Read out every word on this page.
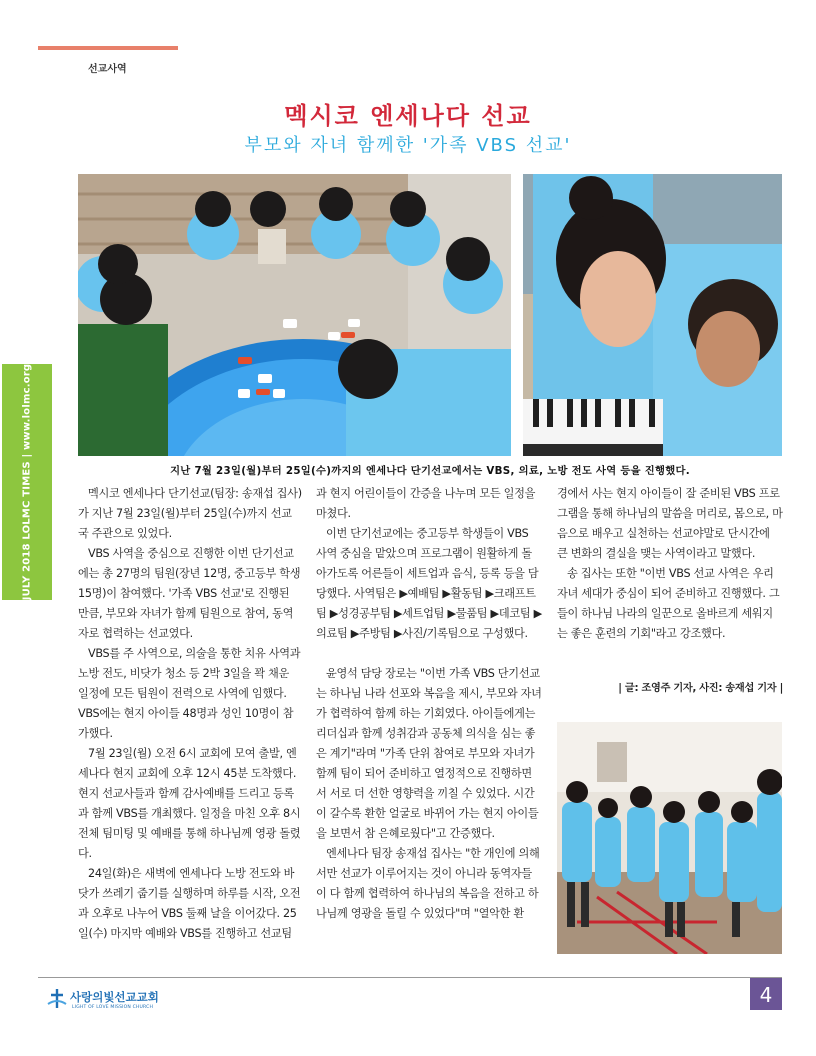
선교사역
JULY 2018 LOLMC TIMES | www.lolmc.org
멕시코 엔세나다 선교
부모와 자녀 함께한 '가족 VBS 선교'
지난 7월 23일(월)부터 25일(수)까지의 엔세나다 단기선교에서는 VBS, 의료, 노방 전도 사역 등을 진행했다.

멕시코 엔세나다 단기선교(팀장: 송재섭 집사)가 지난 7월 23일(월)부터 25일(수)까지 선교국 주관으로 있었다.

VBS 사역을 중심으로 진행한 이번 단기선교에는 총 27명의 팀원(장년 12명, 중고등부 학생 15명)이 참여했다. '가족 VBS 선교'로 진행된 만큼, 부모와 자녀가 함께 팀원으로 참여, 동역자로 협력하는 선교였다.

VBS를 주 사역으로, 의술을 통한 치유 사역과 노방 전도, 비닷가 청소 등 2박 3일을 꽉 채운 일정에 모든 팀원이 전력으로 사역에 임했다. VBS에는 현지 아이들 48명과 성인 10명이 참가했다.

7월 23일(월) 오전 6시 교회에 모여 출발, 엔세나다 현지 교회에 오후 12시 45분 도착했다. 현지 선교사들과 함께 감사예배를 드리고 등록과 함께 VBS를 개최했다. 일정을 마친 오후 8시 전체 팀미팅 및 예배를 통해 하나님께 영광 돌렸다.

24일(화)은 새벽에 엔세나다 노방 전도와 바닷가 쓰레기 줍기를 실행하며 하루를 시작, 오전과 오후로 나누어 VBS 둘째 날을 이어갔다. 25일(수) 마지막 예배와 VBS를 진행하고 선교팀

과 현지 어린이들이 간증을 나누며 모든 일정을 마쳤다.

이번 단기선교에는 중고등부 학생들이 VBS 사역 중심을 맡았으며 프로그램이 원활하게 돌아가도록 어른들이 세트업과 음식, 등록 등을 담당했다. 사역팀은 ▶예배팀 ▶활동팀 ▶크래프트팀 ▶성경공부팀 ▶세트업팀 ▶물품팀 ▶데코팀 ▶의료팀 ▶주방팀 ▶사진/기록팀으로 구성했다.

윤영석 담당 장로는 "이번 가족 VBS 단기선교는 하나님 나라 선포와 복음을 제시, 부모와 자녀가 협력하여 함께 하는 기회였다. 아이들에게는 리더십과 함께 성취감과 공동체 의식을 심는 좋은 계기"라며 "가족 단위 참여로 부모와 자녀가 함께 팀이 되어 준비하고 열정적으로 진행하면서 서로 더 선한 영향력을 끼칠 수 있었다. 시간이 갈수록 환한 얼굴로 바뀌어 가는 현지 아이들을 보면서 참 은혜로웠다"고 간증했다.

엔세나다 팀장 송재섭 집사는 "한 개인에 의해서만 선교가 이루어지는 것이 아니라 동역자들이 다 함께 협력하여 하나님의 복음을 전하고 하나님께 영광을 돌릴 수 있었다"며 "열악한 환

경에서 사는 현지 아이들이 잘 준비된 VBS 프로그램을 통해 하나님의 말씀을 머리로, 몸으로, 마음으로 배우고 실천하는 선교야말로 단시간에 큰 변화의 결실을 맺는 사역이라고 말했다.

송 집사는 또한 "이번 VBS 선교 사역은 우리 자녀 세대가 중심이 되어 준비하고 진행했다. 그들이 하나님 나라의 일꾼으로 올바르게 세워지는 좋은 훈련의 기회"라고 강조했다.

| 글: 조영주 기자, 사진: 송재섭 기자 |
사랑의빛선교교회
LIGHT OF LOVE MISSION CHURCH
4
